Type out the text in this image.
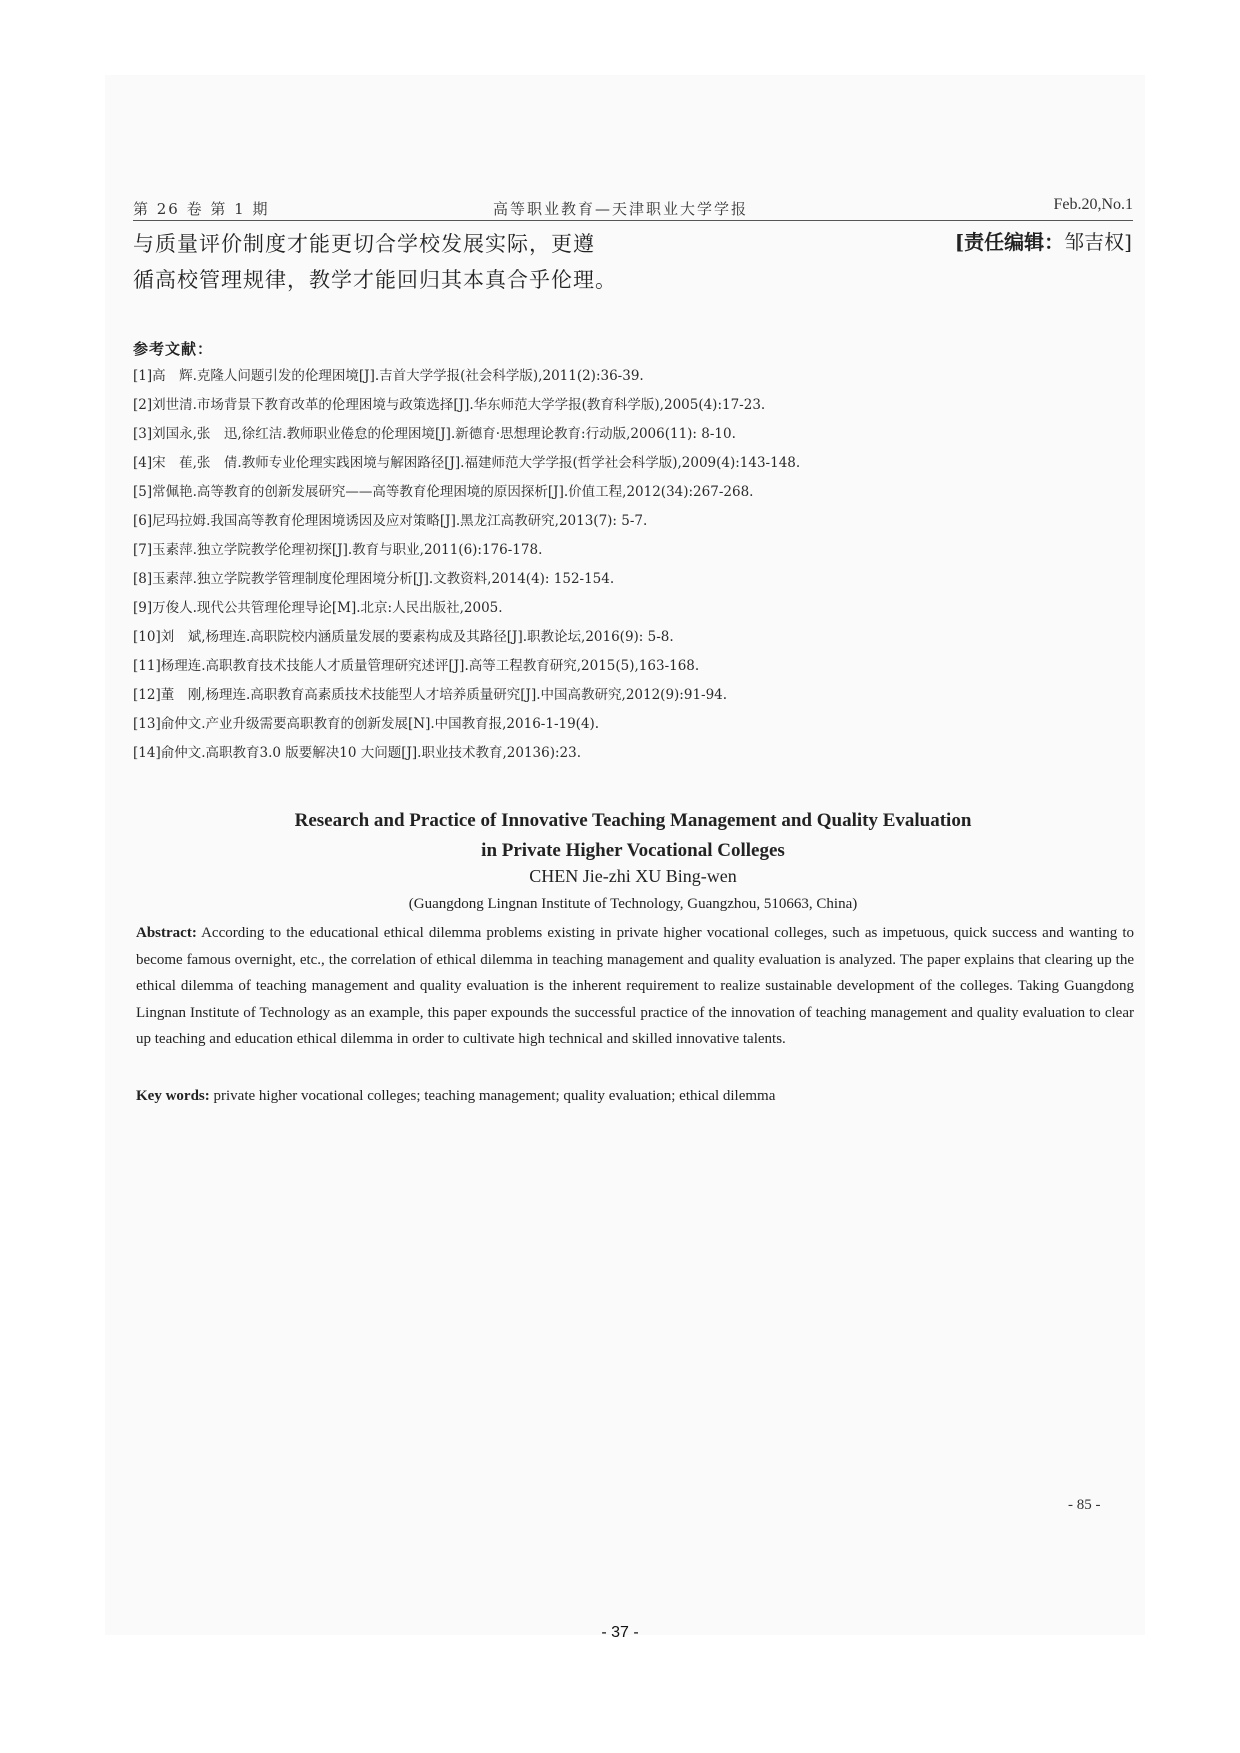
第 26 卷 第 1 期	高等职业教育—天津职业大学学报	Feb.20,No.1
与质量评价制度才能更切合学校发展实际，更遵
循高校管理规律，教学才能回归其本真合乎伦理。
[责任编辑：邹吉权]
参考文献：
[1]高　辉.克隆人问题引发的伦理困境[J].吉首大学学报(社会科学版),2011(2):36-39.
[2]刘世清.市场背景下教育改革的伦理困境与政策选择[J].华东师范大学学报(教育科学版),2005(4):17-23.
[3]刘国永,张　迅,徐红洁.教师职业倦怠的伦理困境[J].新德育·思想理论教育:行动版,2006(11): 8-10.
[4]宋　萑,张　倩.教师专业伦理实践困境与解困路径[J].福建师范大学学报(哲学社会科学版),2009(4):143-148.
[5]常佩艳.高等教育的创新发展研究——高等教育伦理困境的原因探析[J].价值工程,2012(34):267-268.
[6]尼玛拉姆.我国高等教育伦理困境诱因及应对策略[J].黑龙江高教研究,2013(7): 5-7.
[7]玉素萍.独立学院教学伦理初探[J].教育与职业,2011(6):176-178.
[8]玉素萍.独立学院教学管理制度伦理困境分析[J].文教资料,2014(4): 152-154.
[9]万俊人.现代公共管理伦理导论[M].北京:人民出版社,2005.
[10]刘　斌,杨理连.高职院校内涵质量发展的要素构成及其路径[J].职教论坛,2016(9): 5-8.
[11]杨理连.高职教育技术技能人才质量管理研究述评[J].高等工程教育研究,2015(5),163-168.
[12]董　刚,杨理连.高职教育高素质技术技能型人才培养质量研究[J].中国高教研究,2012(9):91-94.
[13]俞仲文.产业升级需要高职教育的创新发展[N].中国教育报,2016-1-19(4).
[14]俞仲文.高职教育3.0 版要解决10 大问题[J].职业技术教育,20136):23.
Research and Practice of Innovative Teaching Management and Quality Evaluation
in Private Higher Vocational Colleges
CHEN Jie-zhi XU Bing-wen
(Guangdong Lingnan Institute of Technology, Guangzhou, 510663, China)
Abstract: According to the educational ethical dilemma problems existing in private higher vocational colleges, such as impetuous, quick success and wanting to become famous overnight, etc., the correlation of ethical dilemma in teaching management and quality evaluation is analyzed. The paper explains that clearing up the ethical dilemma of teaching management and quality evaluation is the inherent requirement to realize sustainable development of the colleges. Taking Guangdong Lingnan Institute of Technology as an example, this paper expounds the successful practice of the innovation of teaching management and quality evaluation to clear up teaching and education ethical dilemma in order to cultivate high technical and skilled innovative talents.
Key words: private higher vocational colleges; teaching management; quality evaluation; ethical dilemma
- 85 -
- 37 -
